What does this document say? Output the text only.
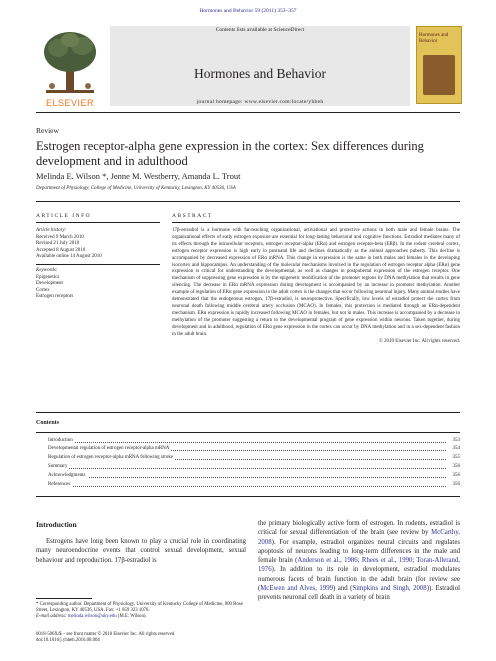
Hormones and Behavior 59 (2011) 353–357
ELSEVIER
Contents lists available at ScienceDirect
Hormones and Behavior
journal homepage: www.elsevier.com/locate/yhbeh
Hormones and Behavior
Review
Estrogen receptor-alpha gene expression in the cortex: Sex differences during development and in adulthood
Melinda E. Wilson *, Jenne M. Westberry, Amanda L. Trout
Department of Physiology, College of Medicine, University of Kentucky, Lexington, KY 40536, USA
ARTICLE INFO
Article history:
Received 9 March 2010
Revised 21 July 2010
Accepted 8 August 2010
Available online 14 August 2010
Keywords:
Epigenetics
Development
Cortex
Estrogen receptors
ABSTRACT
17β-estradiol is a hormone with far-reaching organizational, activational and protective actions in both male and female brains. The organizational effects of early estrogen exposure are essential for long-lasting behavioral and cognitive functions. Estradiol mediates many of its effects through the intracellular receptors, estrogen receptor-alpha (ERα) and estrogen receptor-beta (ERβ). In the rodent cerebral cortex, estrogen receptor expression is high early in postnatal life and declines dramatically as the animal approaches puberty. This decline is accompanied by decreased expression of ERα mRNA. This change in expression is the same in both males and females in the developing isocortex and hippocampus. An understanding of the molecular mechanisms involved in the regulation of estrogen receptor alpha (ERα) gene expression is critical for understanding the developmental, as well as changes in postpubertal expression of the estrogen receptor. One mechanism of suppressing gene expression is by the epigenetic modification of the promoter regions by DNA methylation that results in gene silencing. The decrease in ERα mRNA expression during development is accompanied by an increase in promoter methylation. Another example of regulation of ERα gene expression in the adult cortex is the changes that occur following neuronal injury. Many animal studies have demonstrated that the endogenous estrogen, 17β-estradiol, is neuroprotective. Specifically, low levels of estradiol protect the cortex from neuronal death following middle cerebral artery occlusion (MCAO). In females, this protection is mediated through an ERα-dependent mechanism. ERα expression is rapidly increased following MCAO in females, but not in males. This increase is accompanied by a decrease in methylation of the promoter suggesting a return to the developmental program of gene expression within neurons. Taken together, during development and in adulthood, regulation of ERα gene expression in the cortex can occur by DNA methylation and in a sex-dependent fashion in the adult brain.
© 2010 Elsevier Inc. All rights reserved.
Contents
Introduction	353
Developmental regulation of estrogen receptor-alpha mRNA	354
Regulation of estrogen receptor-alpha mRNA following stroke	355
Summary	356
Acknowledgments	356
References	356
Introduction
Estrogens have long been known to play a crucial role in coordinating many neuroendocrine events that control sexual development, sexual behaviour and reproduction. 17β-estradiol is
the primary biologically active form of estrogen. In rodents, estradiol is critical for sexual differentiation of the brain (see review by McCarthy, 2008). For example, estradiol organizes neural circuits and regulates apoptosis of neurons leading to long-term differences in the male and female brain (Anderson et al., 1986; Rhees et al., 1990; Toran-Allerand, 1976). In addition to its role in development, estradiol modulates numerous facets of brain function in the adult brain (for review see (McEwen and Alves, 1999) and (Simpkins and Singh, 2008)). Estradiol prevents neuronal cell death in a variety of brain
* Corresponding author. Department of Physiology, University of Kentucky College of Medicine, 800 Rose Street, Lexington, KY 40536, USA. Fax: +1 859 323 1070.
E-mail address: melinda.wilson@uky.edu (M.E. Wilson).
0018-506X/$ – see front matter © 2010 Elsevier Inc. All rights reserved.
doi:10.1016/j.yhbeh.2010.08.004
